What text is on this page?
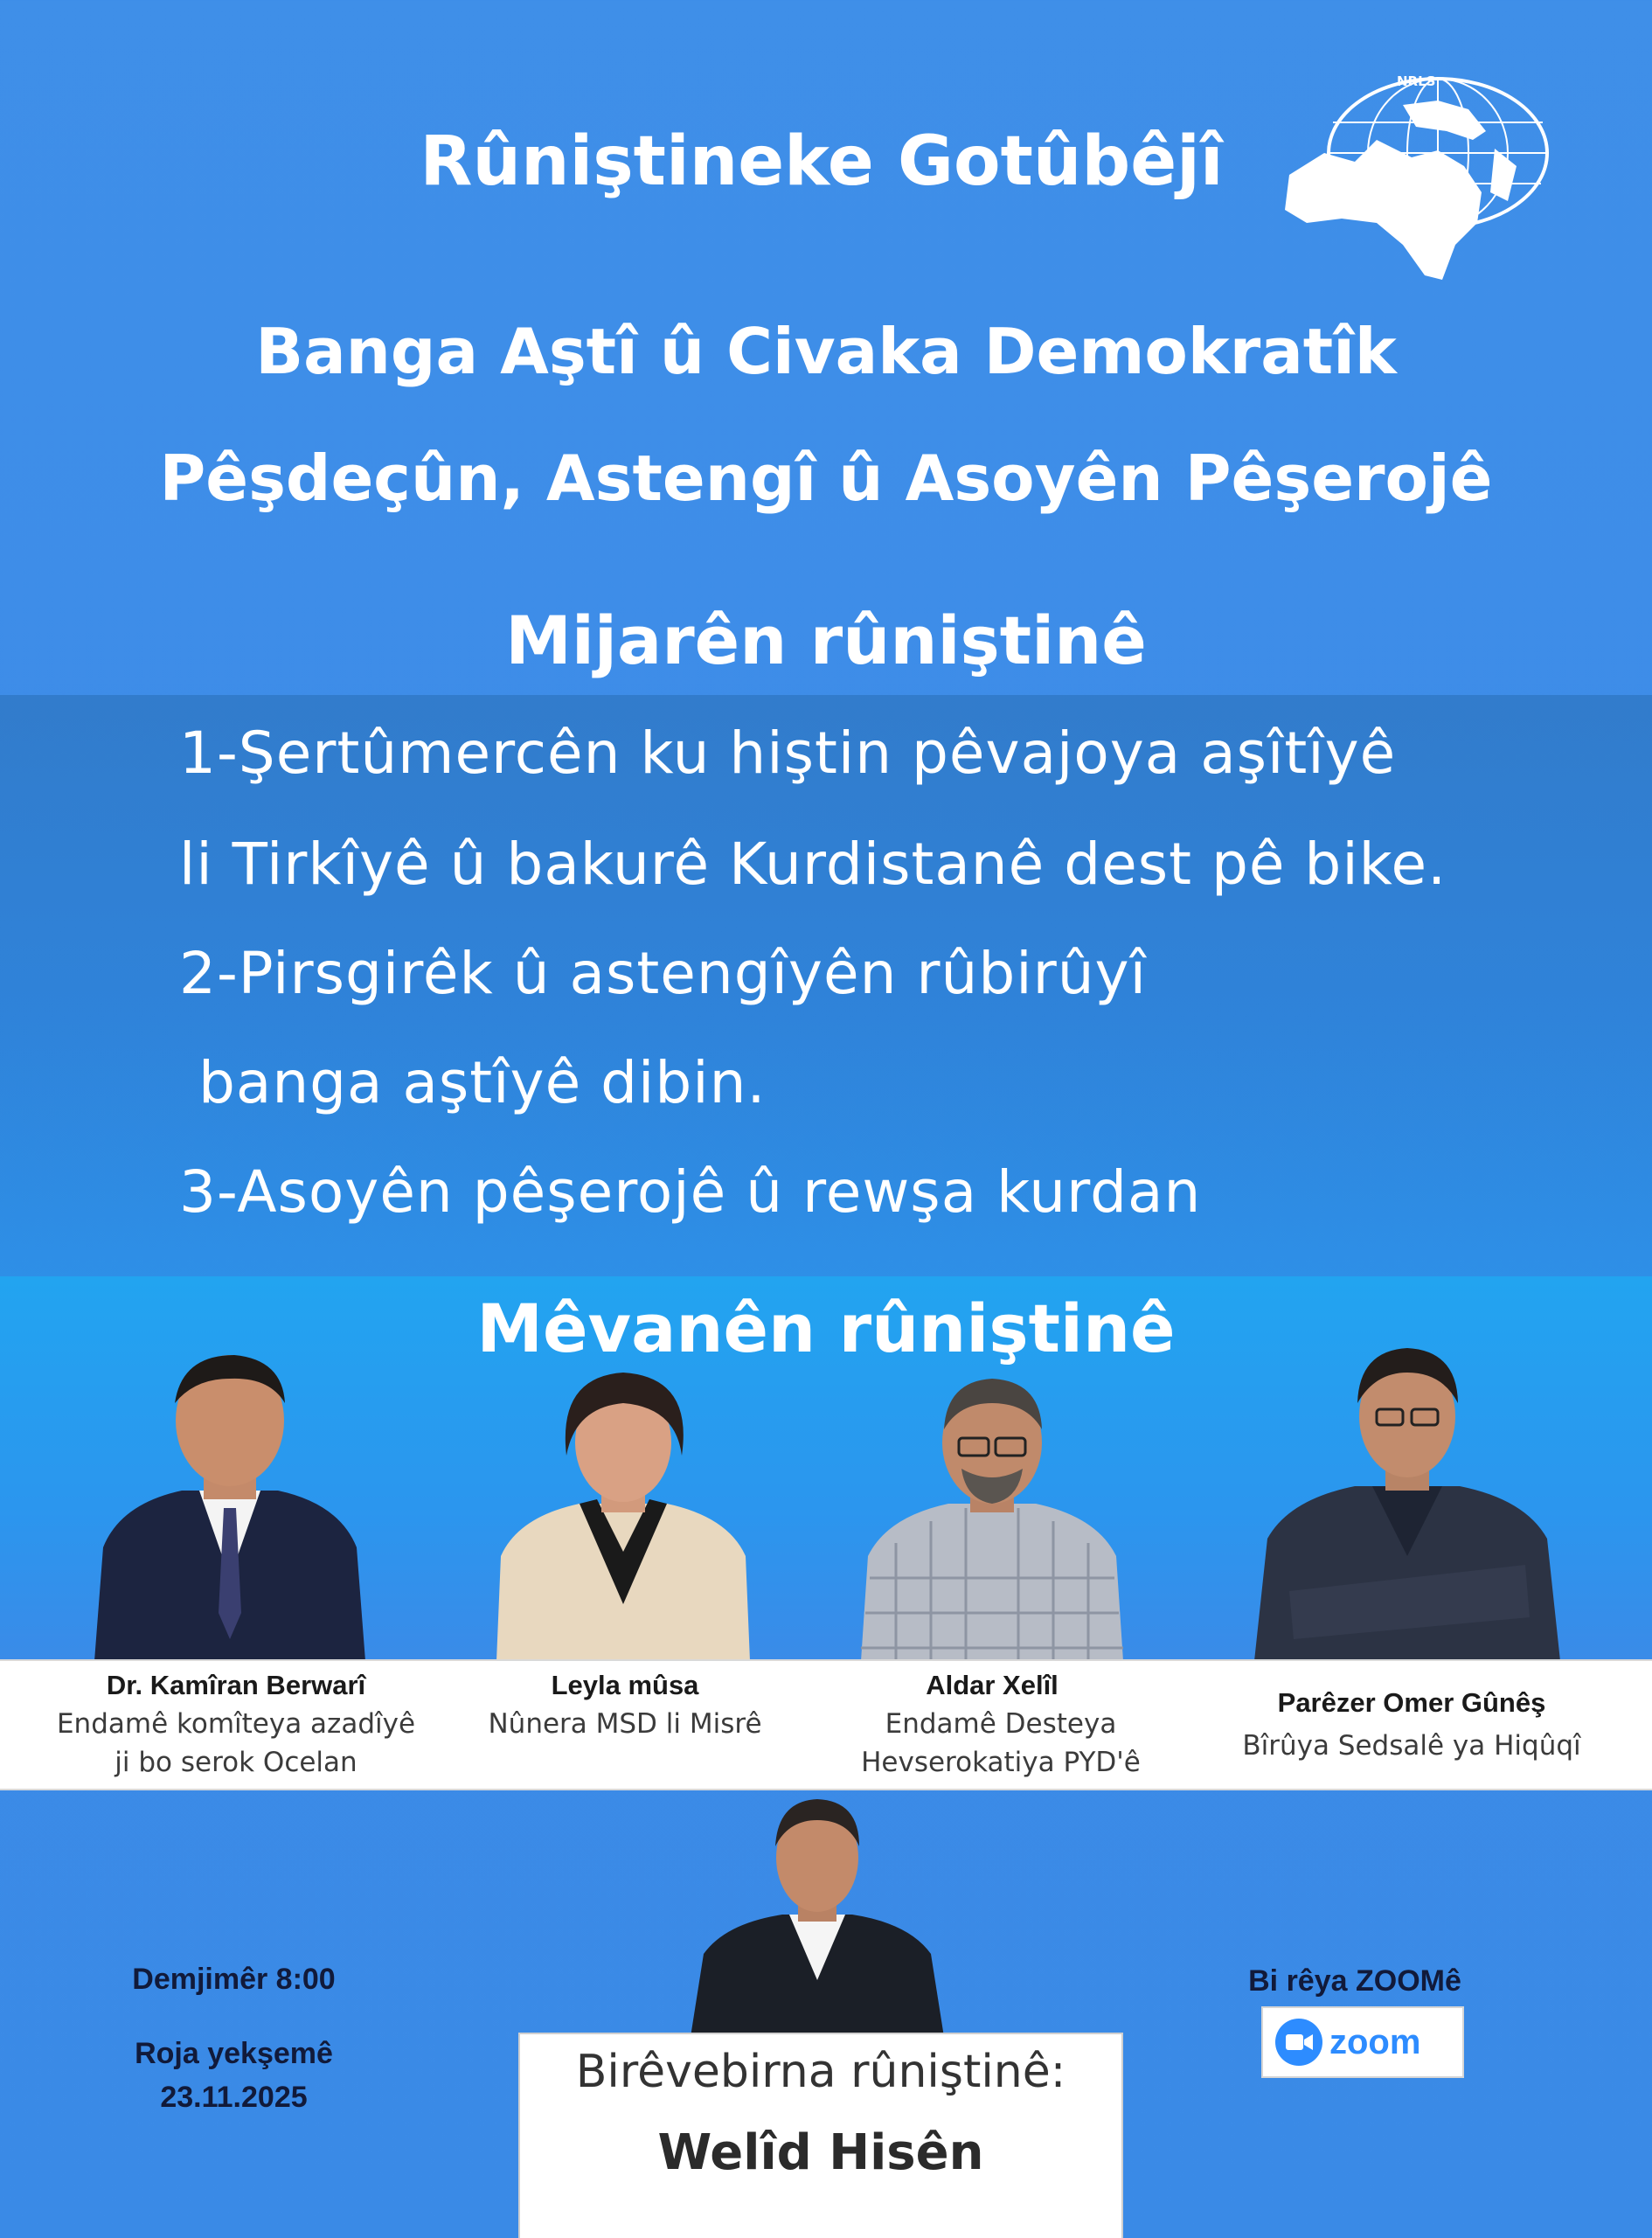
Rûniştineke Gotûbêjî
NRLS
Banga Aştî û Civaka Demokratîk
Pêşdeçûn, Astengî û Asoyên Pêşerojê
Mijarên rûniştinê
1-Şertûmercên ku hiştin pêvajoya aşîtîyê
li Tirkîyê û bakurê Kurdistanê dest pê bike.
2-Pirsgirêk û astengîyên rûbirûyî
banga aştîyê dibin.
3-Asoyên pêşerojê û rewşa kurdan
Mêvanên rûniştinê
Dr. Kamîran Berwarî
Endamê komîteya azadîyê
ji bo serok Ocelan
Leyla mûsa
Nûnera MSD li Misrê
Aldar Xelîl
Endamê Desteya
Hevserokatiya PYD'ê
Parêzer Omer Gûnêş
Bîrûya Sedsalê ya Hiqûqî
Demjimêr 8:00
Roja yekşemê
23.11.2025
Bi rêya ZOOMê
zoom
Birêvebirna rûniştinê:
Welîd Hisên
